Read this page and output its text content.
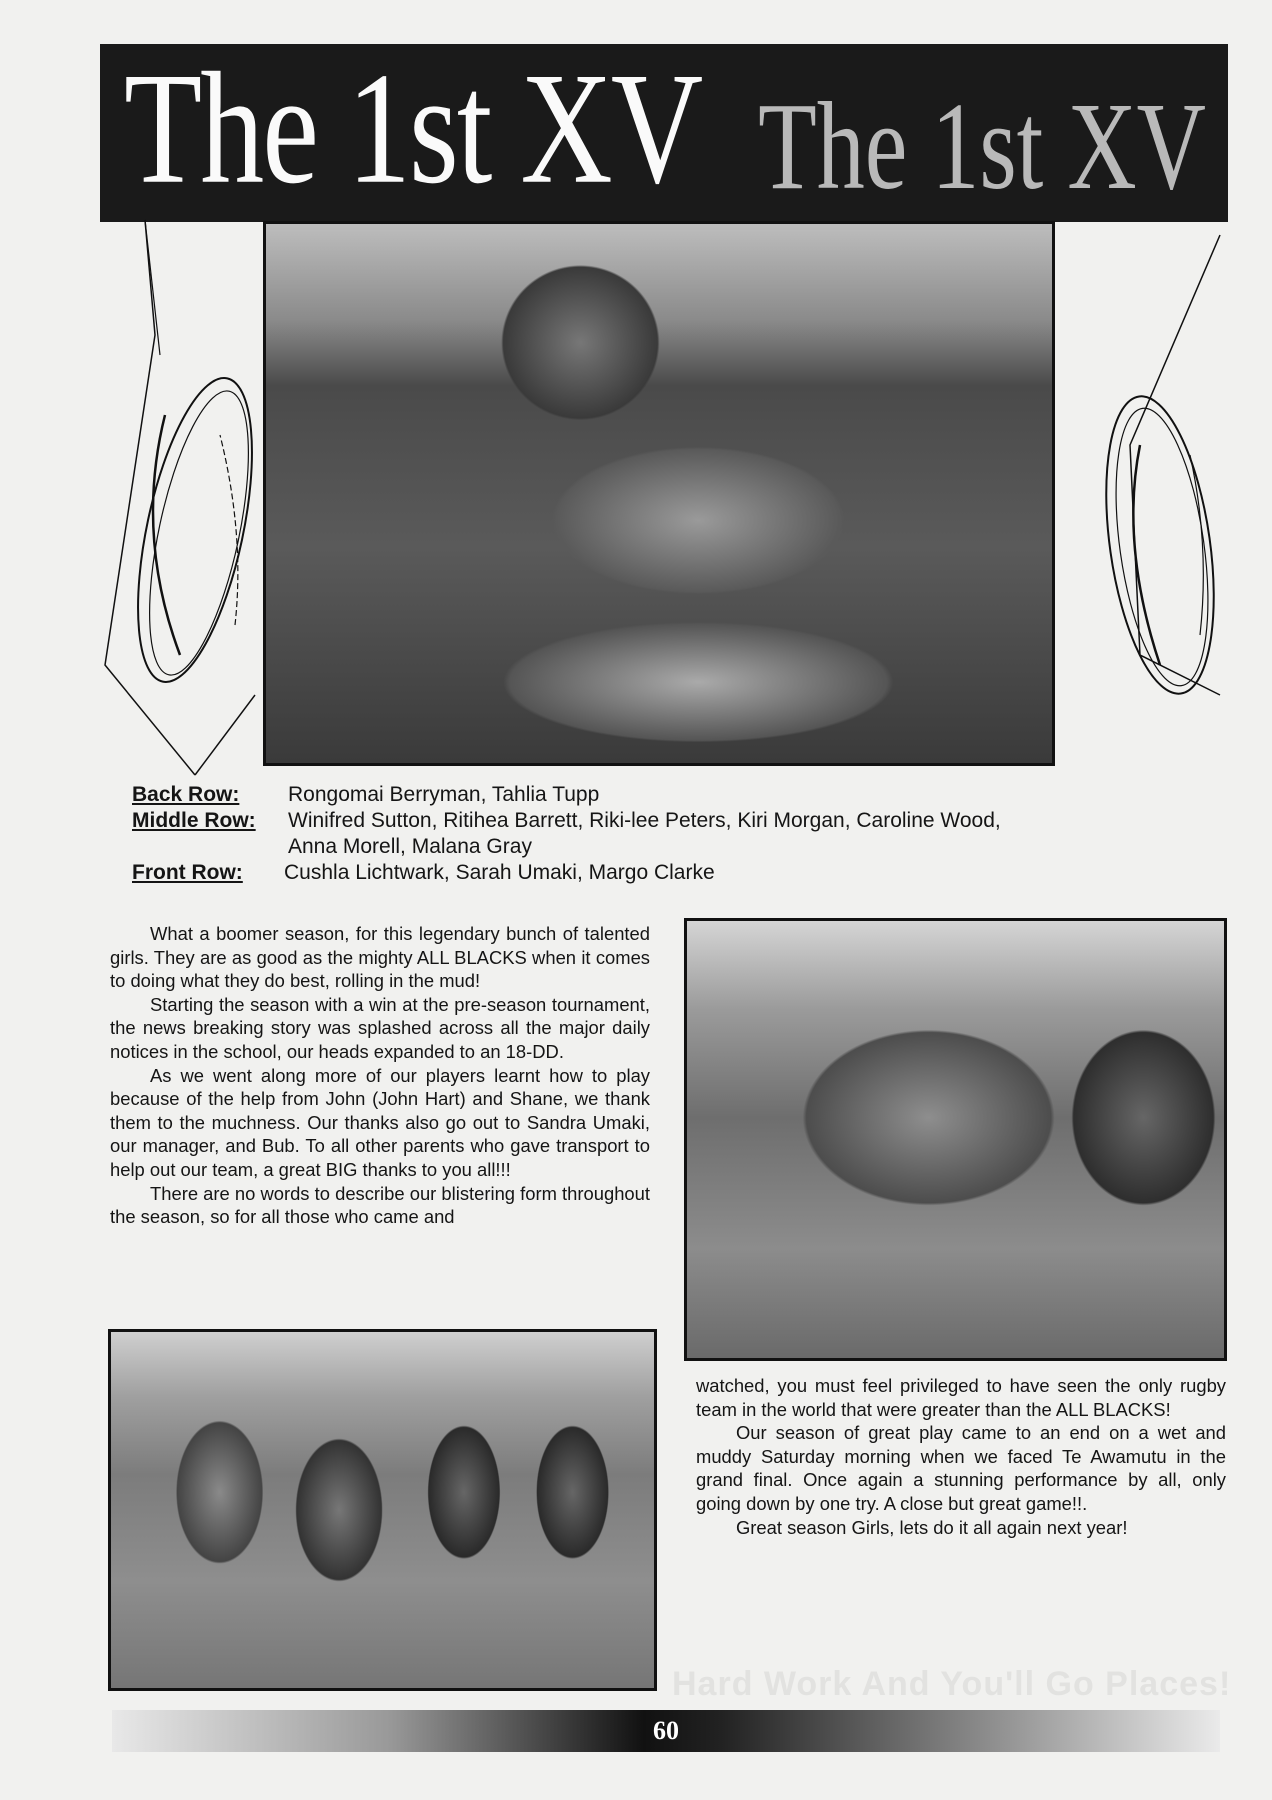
The 1st XV The 1st XV
Back Row: Rongomai Berryman, Tahlia Tupp
Middle Row: Winifred Sutton, Ritihea Barrett, Riki-lee Peters, Kiri Morgan, Caroline Wood,
Anna Morell, Malana Gray
Front Row: Cushla Lichtwark, Sarah Umaki, Margo Clarke

What a boomer season, for this legendary bunch of talented girls. They are as good as the mighty ALL BLACKS when it comes to doing what they do best, rolling in the mud!

Starting the season with a win at the pre-season tournament, the news breaking story was splashed across all the major daily notices in the school, our heads expanded to an 18-DD.

As we went along more of our players learnt how to play because of the help from John (John Hart) and Shane, we thank them to the muchness. Our thanks also go out to Sandra Umaki, our manager, and Bub. To all other parents who gave transport to help out our team, a great BIG thanks to you all!!!

There are no words to describe our blistering form throughout the season, so for all those who came and

watched, you must feel privileged to have seen the only rugby team in the world that were greater than the ALL BLACKS!

Our season of great play came to an end on a wet and muddy Saturday morning when we faced Te Awamutu in the grand final. Once again a stunning performance by all, only going down by one try. A close but great game!!.

Great season Girls, lets do it all again next year!

Hard Work And You'll Go Places!
60
